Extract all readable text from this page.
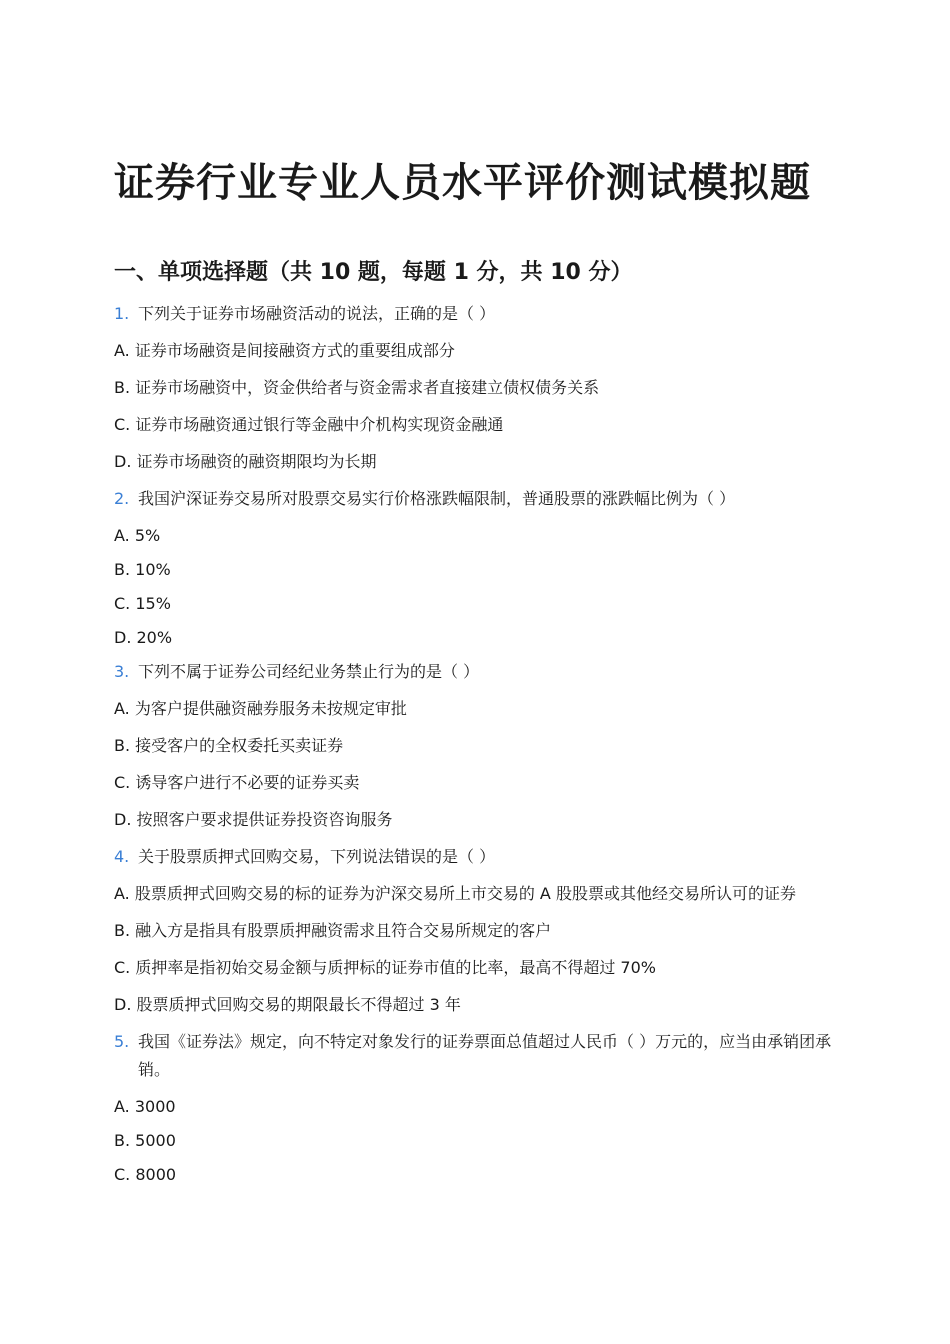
证券行业专业人员水平评价测试模拟题
一、单项选择题（共 10 题，每题 1 分，共 10 分）
1. 下列关于证券市场融资活动的说法，正确的是（ ）
A. 证券市场融资是间接融资方式的重要组成部分
B. 证券市场融资中，资金供给者与资金需求者直接建立债权债务关系
C. 证券市场融资通过银行等金融中介机构实现资金融通
D. 证券市场融资的融资期限均为长期
2. 我国沪深证券交易所对股票交易实行价格涨跌幅限制，普通股票的涨跌幅比例为（ ）
A. 5%
B. 10%
C. 15%
D. 20%
3. 下列不属于证券公司经纪业务禁止行为的是（ ）
A. 为客户提供融资融券服务未按规定审批
B. 接受客户的全权委托买卖证券
C. 诱导客户进行不必要的证券买卖
D. 按照客户要求提供证券投资咨询服务
4. 关于股票质押式回购交易，下列说法错误的是（ ）
A. 股票质押式回购交易的标的证券为沪深交易所上市交易的 A 股股票或其他经交易所认可的证券
B. 融入方是指具有股票质押融资需求且符合交易所规定的客户
C. 质押率是指初始交易金额与质押标的证券市值的比率，最高不得超过 70%
D. 股票质押式回购交易的期限最长不得超过 3 年
5. 我国《证券法》规定，向不特定对象发行的证券票面总值超过人民币（ ）万元的，应当由承销团承销。
A. 3000
B. 5000
C. 8000
